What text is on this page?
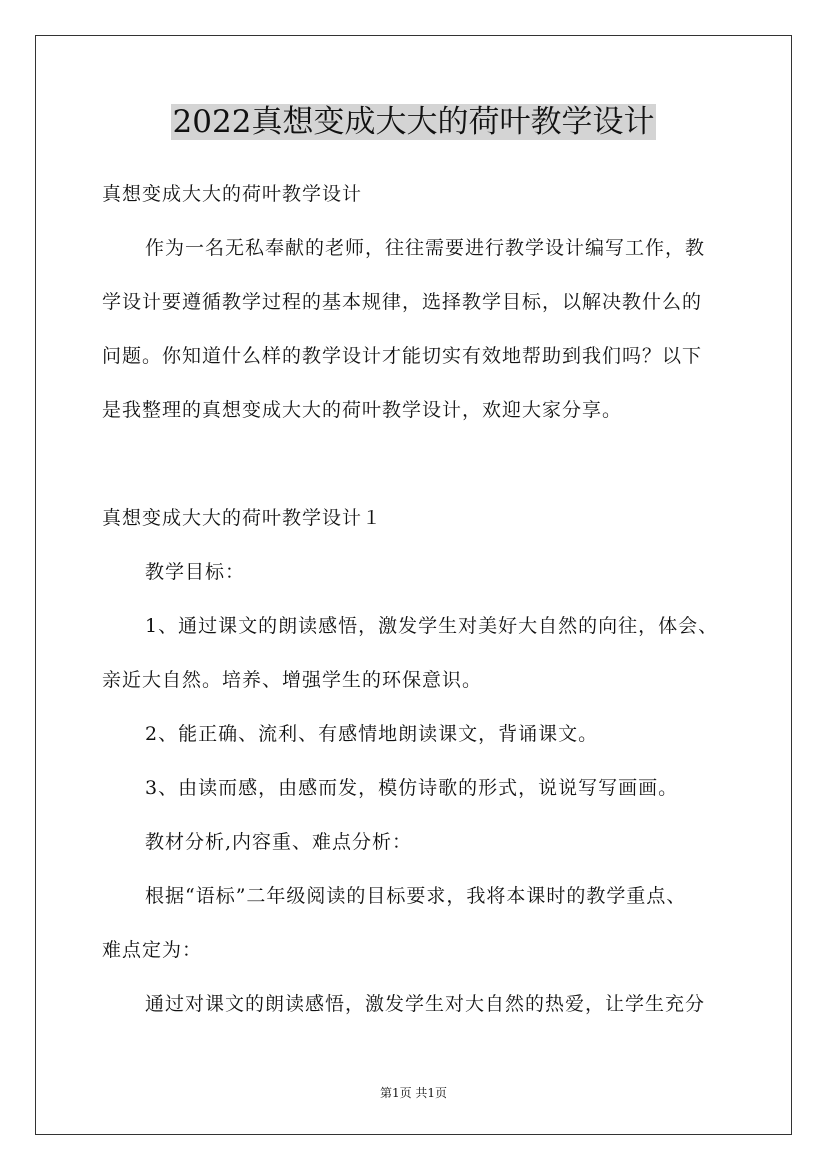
2022真想变成大大的荷叶教学设计
真想变成大大的荷叶教学设计
作为一名无私奉献的老师，往往需要进行教学设计编写工作，教
学设计要遵循教学过程的基本规律，选择教学目标，以解决教什么的
问题。你知道什么样的教学设计才能切实有效地帮助到我们吗？以下
是我整理的真想变成大大的荷叶教学设计，欢迎大家分享。
真想变成大大的荷叶教学设计１
教学目标：
1、通过课文的朗读感悟，激发学生对美好大自然的向往，体会、
亲近大自然。培养、增强学生的环保意识。
2、能正确、流利、有感情地朗读课文，背诵课文。
3、由读而感，由感而发，模仿诗歌的形式，说说写写画画。
教材分析,内容重、难点分析：
根据“语标”二年级阅读的目标要求，我将本课时的教学重点、
难点定为：
通过对课文的朗读感悟，激发学生对大自然的热爱，让学生充分
第1页 共1页
